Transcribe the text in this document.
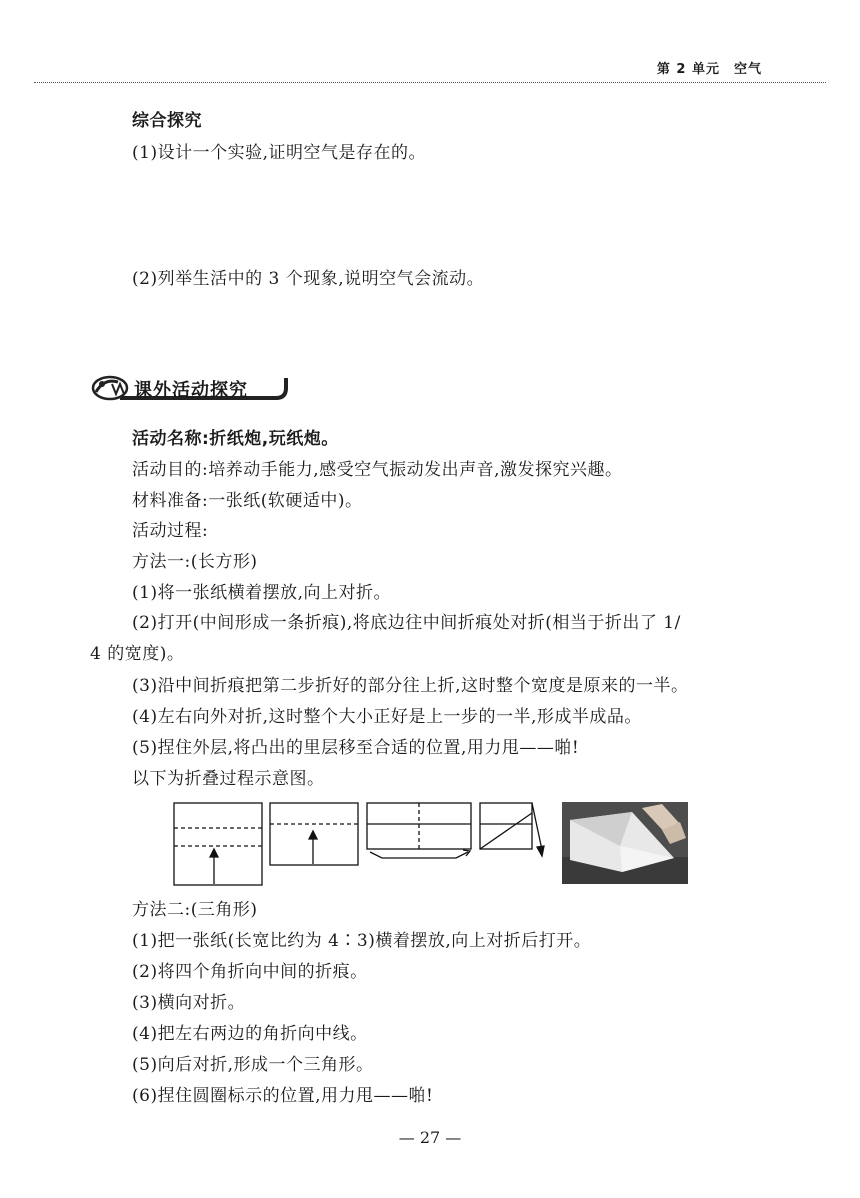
第 2 单元　空气
综合探究
(1)设计一个实验,证明空气是存在的。
(2)列举生活中的 3 个现象,说明空气会流动。
课外活动探究
活动名称:折纸炮,玩纸炮。
活动目的:培养动手能力,感受空气振动发出声音,激发探究兴趣。
材料准备:一张纸(软硬适中)。
活动过程:
方法一:(长方形)
(1)将一张纸横着摆放,向上对折。
(2)打开(中间形成一条折痕),将底边往中间折痕处对折(相当于折出了 1/
4 的宽度)。
(3)沿中间折痕把第二步折好的部分往上折,这时整个宽度是原来的一半。
(4)左右向外对折,这时整个大小正好是上一步的一半,形成半成品。
(5)捏住外层,将凸出的里层移至合适的位置,用力甩——啪!
以下为折叠过程示意图。
方法二:(三角形)
(1)把一张纸(长宽比约为 4∶3)横着摆放,向上对折后打开。
(2)将四个角折向中间的折痕。
(3)横向对折。
(4)把左右两边的角折向中线。
(5)向后对折,形成一个三角形。
(6)捏住圆圈标示的位置,用力甩——啪!
— 27 —
